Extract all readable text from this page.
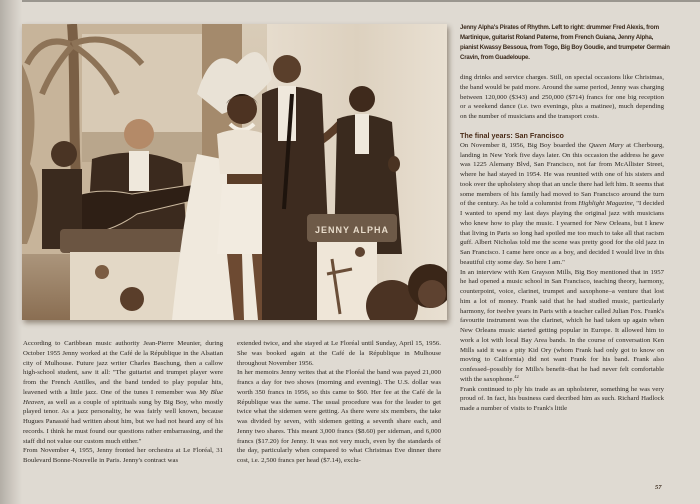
JENNY ALPHA
Jenny Alpha's Pirates of Rhythm. Left to right: drummer Fred Alexis, from Martinique, guitarist Roland Paterne, from French Guiana, Jenny Alpha, pianist Kwassy Bessoua, from Togo, Big Boy Goudie, and trumpeter Germain Cravin, from Guadeloupe.

According to Caribbean music authority Jean-Pierre Meunier, during October 1955 Jenny worked at the Café de la République in the Alsatian city of Mulhouse. Future jazz writer Charles Baschung, then a callow high-school student, saw it all: "The guitarist and trumpet player were from the French Antilles, and the band tended to play popular hits, leavened with a little jazz. One of the tunes I remember was My Blue Heaven, as well as a couple of spirituals sung by Big Boy, who mostly played tenor. As a jazz personality, he was fairly well known, because Hugues Panassié had written about him, but we had not heard any of his records. I think he must found our questions rather embarrassing, and the staff did not value our custom much either."

From November 4, 1955, Jenny fronted her orchestra at Le Floréal, 31 Boulevard Bonne-Nouvelle in Paris. Jenny's contract was

extended twice, and she stayed at Le Floréal until Sunday, April 15, 1956. She was booked again at the Café de la République in Mulhouse throughout November 1956.

In her memoirs Jenny writes that at the Floréal the band was payed 21,000 francs a day for two shows (morning and evening). The U.S. dollar was worth 350 francs in 1956, so this came to $60. Her fee at the Café de la République was the same. The usual procedure was for the leader to get twice what the sidemen were getting. As there were six members, the take was divided by seven, with sidemen getting a seventh share each, and Jenny two shares. This meant 3,000 francs ($8.60) per sideman, and 6,000 francs ($17.20) for Jenny. It was not very much, even by the standards of the day, particularly when compared to what Christmas Eve dinner there cost, i.e. 2,500 francs per head ($7.14), exclu-

ding drinks and service charges. Still, on special occasions like Christmas, the band would be paid more. Around the same period, Jenny was charging between 120,000 ($343) and 250,000 ($714) francs for one big reception or a weekend dance (i.e. two evenings, plus a matinee), much depending on the number of musicians and the transport costs.

The final years: San Francisco

On November 8, 1956, Big Boy boarded the Queen Mary at Cherbourg, landing in New York five days later. On this occasion the address he gave was 1225 Alemany Blvd, San Francisco, not far from McAllister Street, where he had stayed in 1954. He was reunited with one of his sisters and took over the upholstery shop that an uncle there had left him. It seems that some members of his family had moved to San Francisco around the turn of the century. As he told a columnist from Highlight Magazine, "I decided I wanted to spend my last days playing the original jazz with musicians who knew how to play the music. I yearned for New Orleans, but I knew that living in Paris so long had spoiled me too much to take all that racism guff. Albert Nicholas told me the scene was pretty good for the old jazz in San Francisco. I came here once as a boy, and decided I would live in this beautiful city some day. So here I am."

In an interview with Ken Grayson Mills, Big Boy mentioned that in 1957 he had opened a music school in San Francisco, teaching theory, harmony, counterpoint, voice, clarinet, trumpet and saxophone–a venture that lost him a lot of money. Frank said that he had studied music, particularly harmony, for twelve years in Paris with a teacher called Julian Fox. Frank's favourite instrument was the clarinet, which he had taken up again when New Orleans music started getting popular in Europe. It allowed him to work a lot with local Bay Area bands. In the course of conversation Ken Mills said it was a pity Kid Ory (whom Frank had only got to know on moving to California) did not want Frank for his band. Frank also confessed–possibly for Mills's benefit–that he had never felt comfortable with the saxophone.$^{42}$

Frank continued to ply his trade as an upholsterer, something he was very proud of. In fact, his business card decribed him as such. Richard Hadlock made a number of visits to Frank's little

57
